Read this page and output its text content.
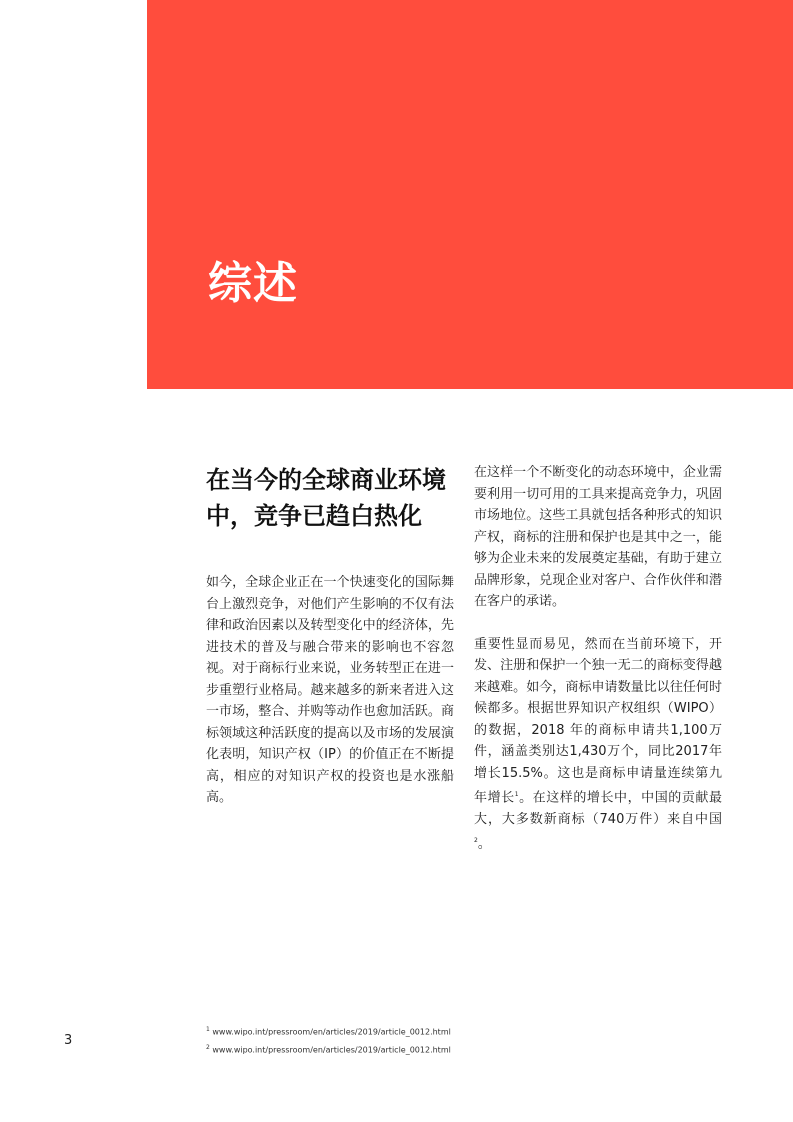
综述
在当今的全球商业环境中，竞争已趋白热化

如今，全球企业正在一个快速变化的国际舞台上激烈竞争，对他们产生影响的不仅有法律和政治因素以及转型变化中的经济体，先进技术的普及与融合带来的影响也不容忽视。对于商标行业来说，业务转型正在进一步重塑行业格局。越来越多的新来者进入这一市场，整合、并购等动作也愈加活跃。商标领域这种活跃度的提高以及市场的发展演化表明，知识产权（IP）的价值正在不断提高，相应的对知识产权的投资也是水涨船高。

在这样一个不断变化的动态环境中，企业需要利用一切可用的工具来提高竞争力，巩固市场地位。这些工具就包括各种形式的知识产权，商标的注册和保护也是其中之一，能够为企业未来的发展奠定基础，有助于建立品牌形象，兑现企业对客户、合作伙伴和潜在客户的承诺。

重要性显而易见，然而在当前环境下，开发、注册和保护一个独一无二的商标变得越来越难。如今，商标申请数量比以往任何时候都多。根据世界知识产权组织（WIPO）的数据，2018 年的商标申请共1,100万件，涵盖类别达1,430万个，同比2017年增长15.5%。这也是商标申请量连续第九年增长$^1$。在这样的增长中，中国的贡献最大，大多数新商标（740万件）来自中国$^2$。

$^1$ www.wipo.int/pressroom/en/articles/2019/article_0012.html
$^2$ www.wipo.int/pressroom/en/articles/2019/article_0012.html
3
